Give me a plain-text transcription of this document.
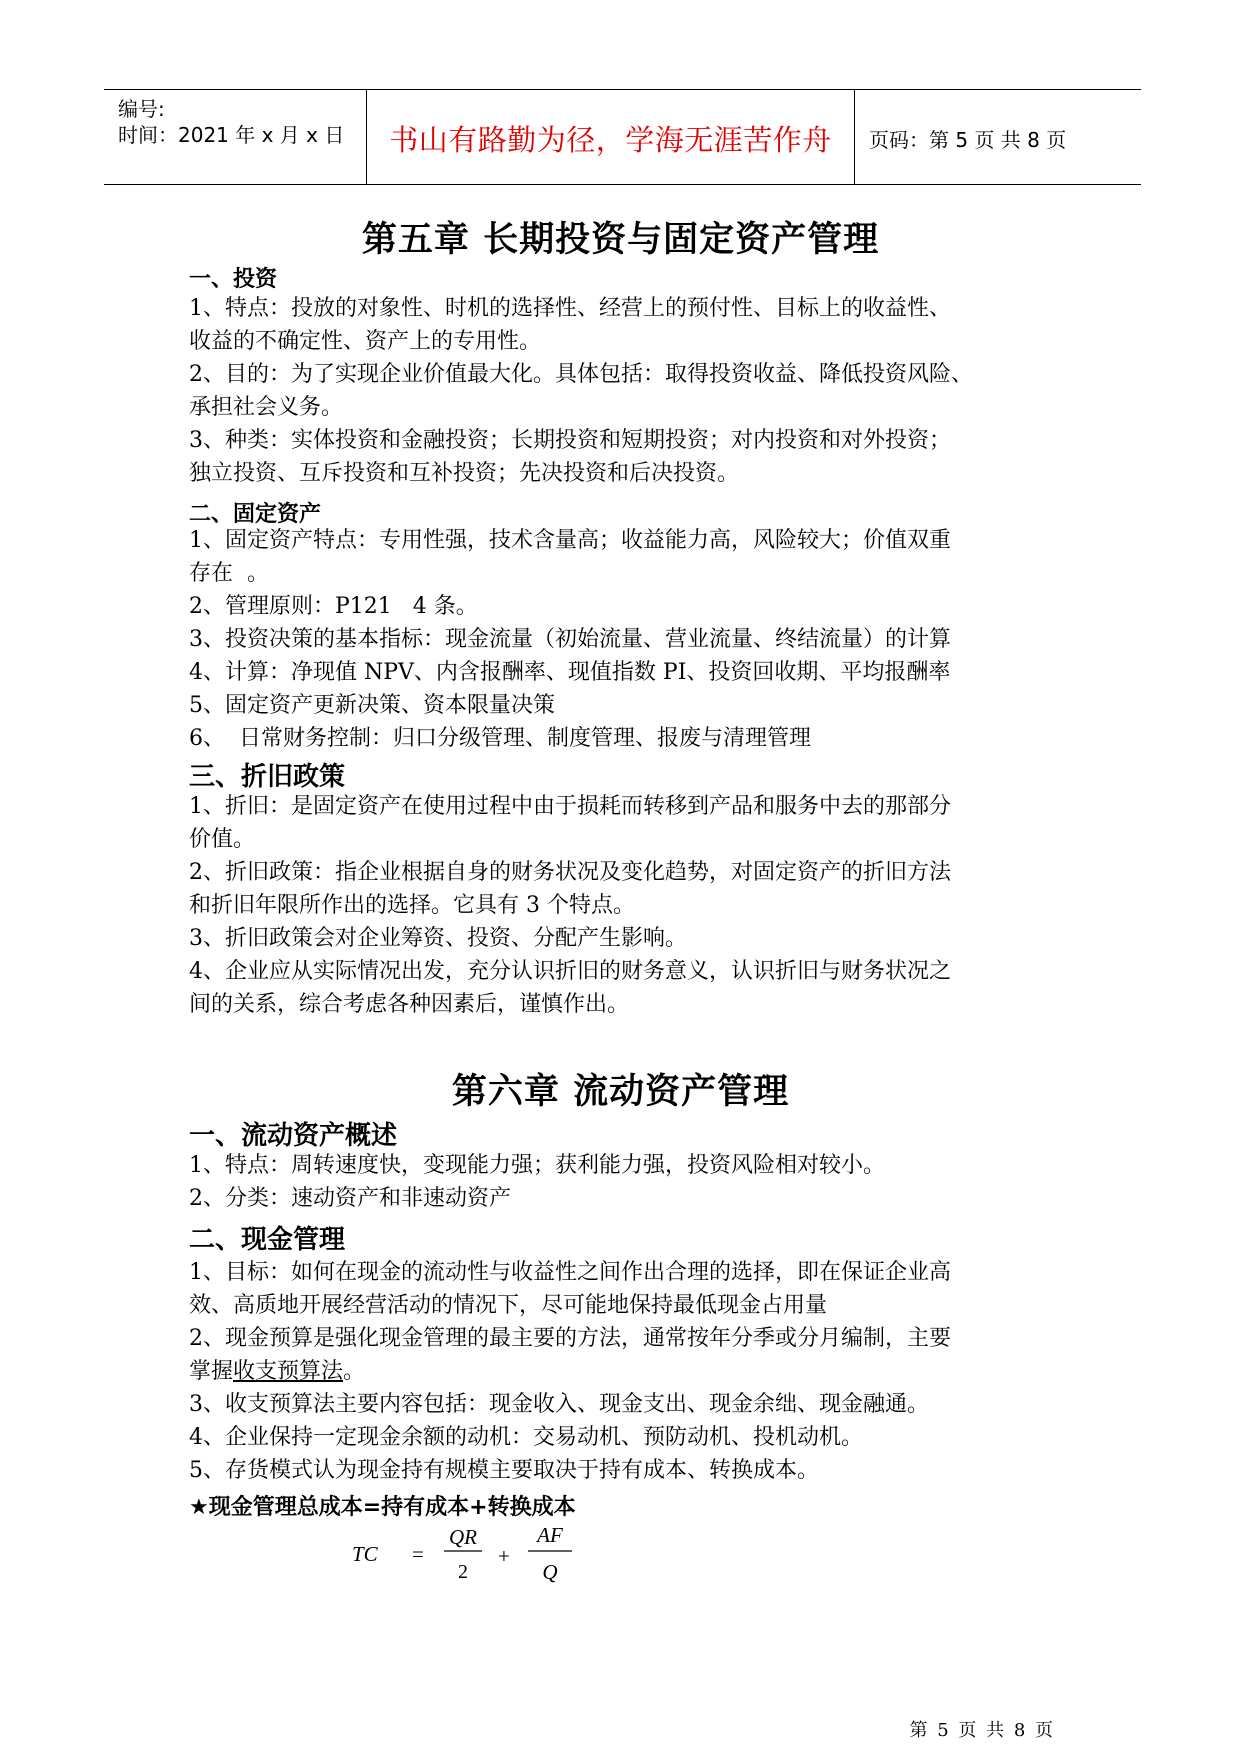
编号:
时间：2021 年 x 月 x 日	书山有路勤为径，学海无涯苦作舟	页码：第 5 页 共 8 页
第五章 长期投资与固定资产管理
一、投资
1、特点：投放的对象性、时机的选择性、经营上的预付性、目标上的收益性、
收益的不确定性、资产上的专用性。
2、目的：为了实现企业价值最大化。具体包括：取得投资收益、降低投资风险、
承担社会义务。
3、种类：实体投资和金融投资；长期投资和短期投资；对内投资和对外投资；
独立投资、互斥投资和互补投资；先决投资和后决投资。
二、固定资产
1、固定资产特点：专用性强，技术含量高；收益能力高，风险较大；价值双重
存在  。
2、管理原则：P121   4 条。
3、投资决策的基本指标：现金流量（初始流量、营业流量、终结流量）的计算
4、计算：净现值 NPV、内含报酬率、现值指数 PI、投资回收期、平均报酬率
5、固定资产更新决策、资本限量决策
6、  日常财务控制：归口分级管理、制度管理、报废与清理管理
三、折旧政策
1、折旧：是固定资产在使用过程中由于损耗而转移到产品和服务中去的那部分
价值。
2、折旧政策：指企业根据自身的财务状况及变化趋势，对固定资产的折旧方法
和折旧年限所作出的选择。它具有 3 个特点。
3、折旧政策会对企业筹资、投资、分配产生影响。
4、企业应从实际情况出发，充分认识折旧的财务意义，认识折旧与财务状况之
间的关系，综合考虑各种因素后，谨慎作出。
第六章 流动资产管理
一、流动资产概述
1、特点：周转速度快，变现能力强；获利能力强，投资风险相对较小。
2、分类：速动资产和非速动资产
二、现金管理
1、目标：如何在现金的流动性与收益性之间作出合理的选择，即在保证企业高
效、高质地开展经营活动的情况下，尽可能地保持最低现金占用量
2、现金预算是强化现金管理的最主要的方法，通常按年分季或分月编制，主要
掌握收支预算法。
3、收支预算法主要内容包括：现金收入、现金支出、现金余绌、现金融通。
4、企业保持一定现金余额的动机：交易动机、预防动机、投机动机。
5、存货模式认为现金持有规模主要取决于持有成本、转换成本。
★现金管理总成本=持有成本+转换成本
TC =
QR
2
+
AF
Q
第 5 页 共 8 页
